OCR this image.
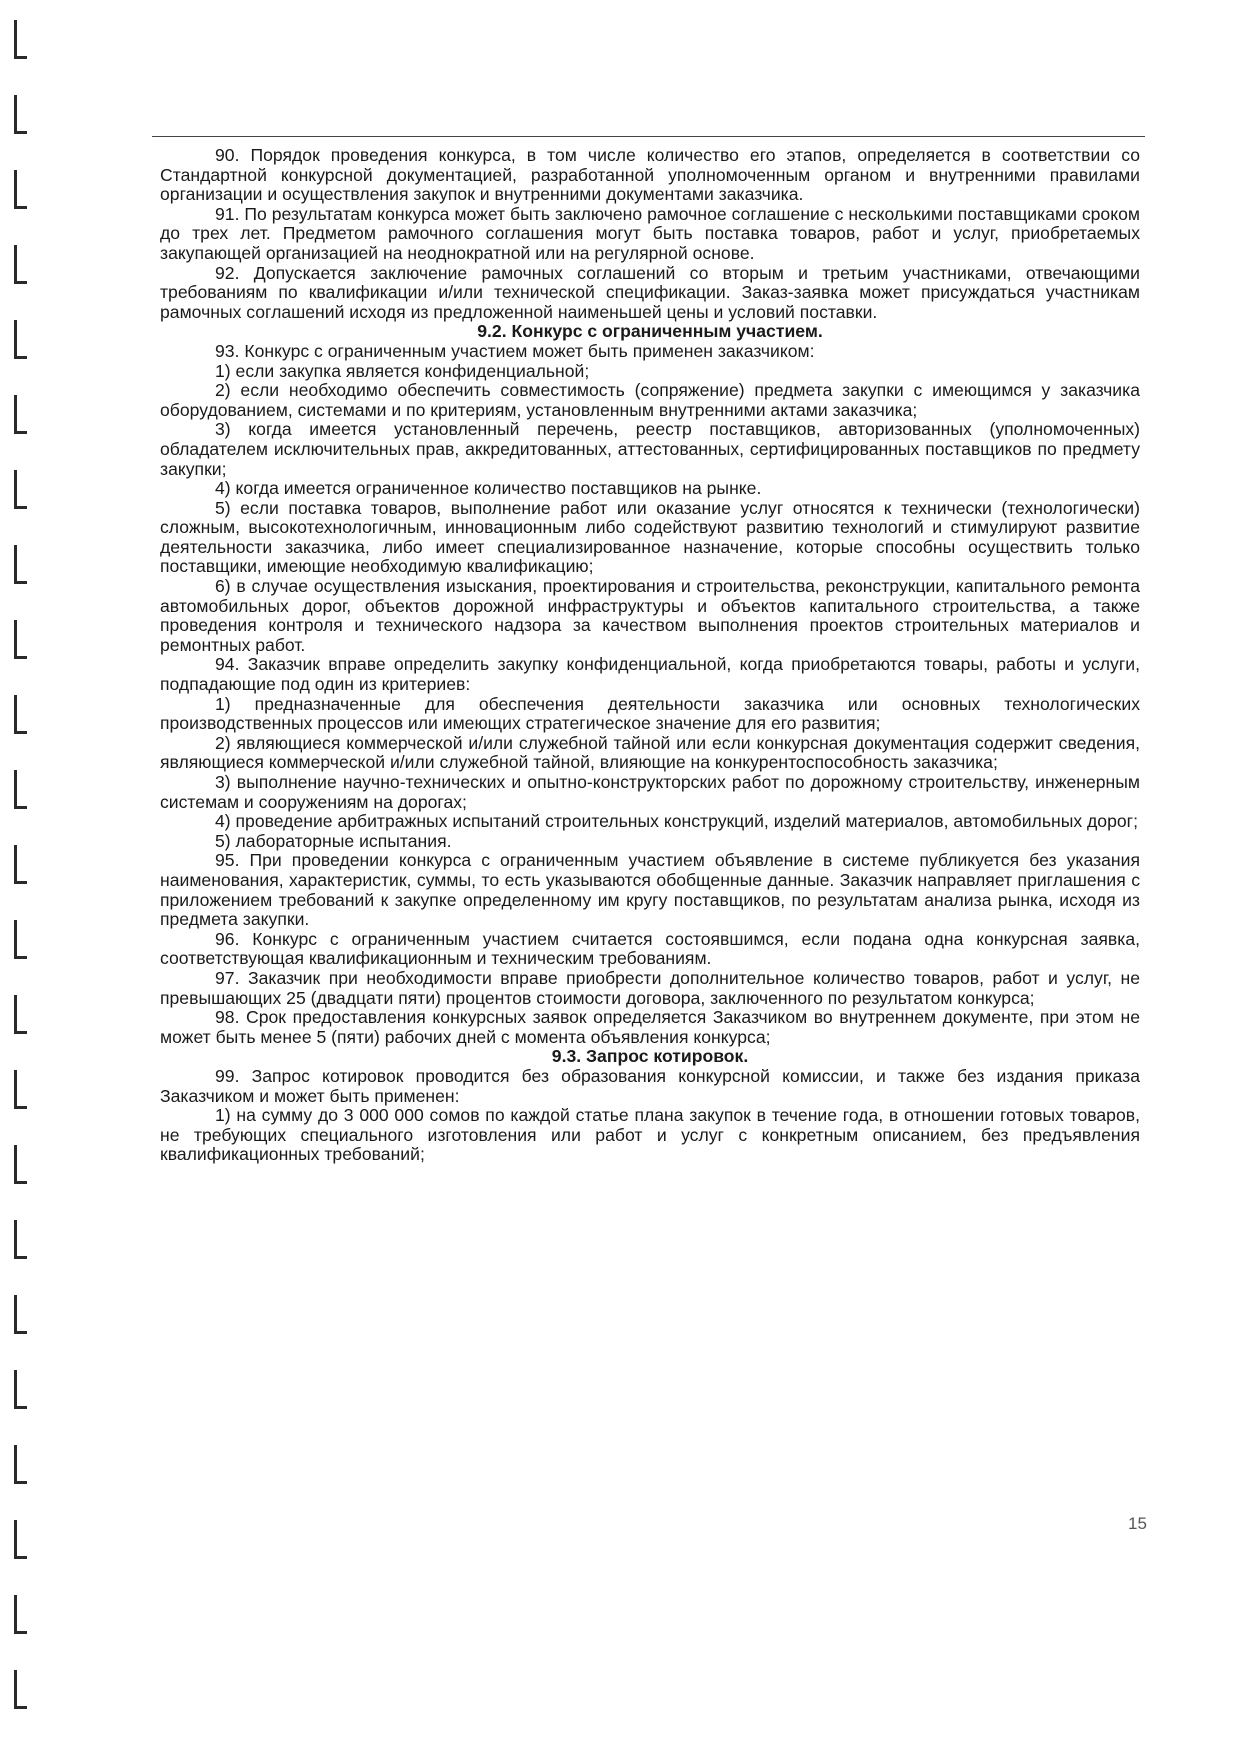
90. Порядок проведения конкурса, в том числе количество его этапов, определяется в соответствии со Стандартной конкурсной документацией, разработанной уполномоченным органом и внутренними правилами организации и осуществления закупок и внутренними документами заказчика.

91. По результатам конкурса может быть заключено рамочное соглашение с несколькими поставщиками сроком до трех лет. Предметом рамочного соглашения могут быть поставка товаров, работ и услуг, приобретаемых закупающей организацией на неоднократной или на регулярной основе.

92. Допускается заключение рамочных соглашений со вторым и третьим участниками, отвечающими требованиям по квалификации и/или технической спецификации. Заказ-заявка может присуждаться участникам рамочных соглашений исходя из предложенной наименьшей цены и условий поставки.

9.2. Конкурс с ограниченным участием.

93. Конкурс с ограниченным участием может быть применен заказчиком:

1) если закупка является конфиденциальной;

2) если необходимо обеспечить совместимость (сопряжение) предмета закупки с имеющимся у заказчика оборудованием, системами и по критериям, установленным внутренними актами заказчика;

3) когда имеется установленный перечень, реестр поставщиков, авторизованных (уполномоченных) обладателем исключительных прав, аккредитованных, аттестованных, сертифицированных поставщиков по предмету закупки;

4) когда имеется ограниченное количество поставщиков на рынке.

5) если поставка товаров, выполнение работ или оказание услуг относятся к технически (технологически) сложным, высокотехнологичным, инновационным либо содействуют развитию технологий и стимулируют развитие деятельности заказчика, либо имеет специализированное назначение, которые способны осуществить только поставщики, имеющие необходимую квалификацию;

6) в случае осуществления изыскания, проектирования и строительства, реконструкции, капитального ремонта автомобильных дорог, объектов дорожной инфраструктуры и объектов капитального строительства, а также проведения контроля и технического надзора за качеством выполнения проектов строительных материалов и ремонтных работ.

94. Заказчик вправе определить закупку конфиденциальной, когда приобретаются товары, работы и услуги, подпадающие под один из критериев:

1) предназначенные для обеспечения деятельности заказчика или основных технологических производственных процессов или имеющих стратегическое значение для его развития;

2) являющиеся коммерческой и/или служебной тайной или если конкурсная документация содержит сведения, являющиеся коммерческой и/или служебной тайной, влияющие на конкурентоспособность заказчика;

3) выполнение научно-технических и опытно-конструкторских работ по дорожному строительству, инженерным системам и сооружениям на дорогах;

4) проведение арбитражных испытаний строительных конструкций, изделий материалов, автомобильных дорог;

5) лабораторные испытания.

95. При проведении конкурса с ограниченным участием объявление в системе публикуется без указания наименования, характеристик, суммы, то есть указываются обобщенные данные. Заказчик направляет приглашения с приложением требований к закупке определенному им кругу поставщиков, по результатам анализа рынка, исходя из предмета закупки.

96. Конкурс с ограниченным участием считается состоявшимся, если подана одна конкурсная заявка, соответствующая квалификационным и техническим требованиям.

97. Заказчик при необходимости вправе приобрести дополнительное количество товаров, работ и услуг, не превышающих 25 (двадцати пяти) процентов стоимости договора, заключенного по результатом конкурса;

98. Срок предоставления конкурсных заявок определяется Заказчиком во внутреннем документе, при этом не может быть менее 5 (пяти) рабочих дней с момента объявления конкурса;

9.3. Запрос котировок.

99. Запрос котировок проводится без образования конкурсной комиссии, и также без издания приказа Заказчиком и может быть применен:

1) на сумму до 3 000 000 сомов по каждой статье плана закупок в течение года, в отношении готовых товаров, не требующих специального изготовления или работ и услуг с конкретным описанием, без предъявления квалификационных требований;

15
